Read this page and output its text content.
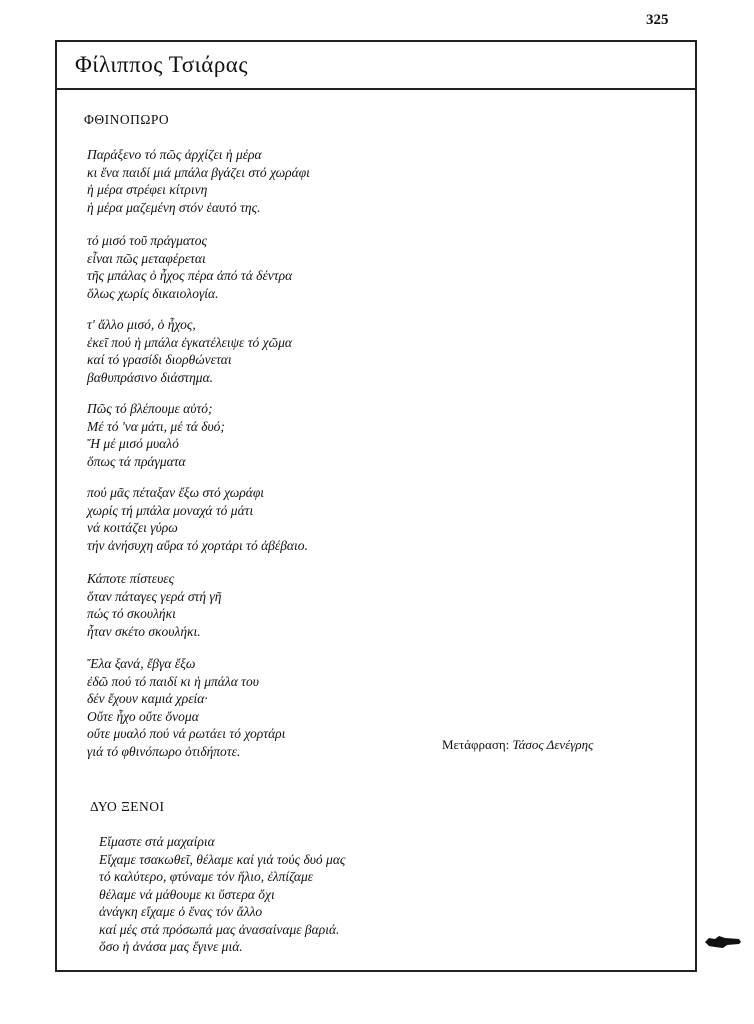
325
Φίλιππος Τσιάρας
ΦΘΙΝΟΠΩΡΟ
Παράξενο τό πῶς ἀρχίζει ἡ μέρα
κι ἕνα παιδί μιά μπάλα βγάζει στό χωράφι
ἡ μέρα στρέφει κίτρινη
ἡ μέρα μαζεμένη στόν ἑαυτό της.
τό μισό τοῦ πράγματος
εἶναι πῶς μεταφέρεται
τῆς μπάλας ὁ ἦχος πέρα ἀπό τά δέντρα
ὅλως χωρίς δικαιολογία.
τ' ἄλλο μισό, ὁ ἦχος,
ἐκεῖ πού ἡ μπάλα ἐγκατέλειψε τό χῶμα
καί τό γρασίδι διορθώνεται
βαθυπράσινο διάστημα.
Πῶς τό βλέπουμε αὐτό;
Μέ τό 'να μάτι, μέ τά δυό;
Ἤ μέ μισό μυαλό
ὅπως τά πράγματα
πού μᾶς πέταξαν ἔξω στό χωράφι
χωρίς τή μπάλα μοναχά τό μάτι
νά κοιτάζει γύρω
τήν ἀνήσυχη αὔρα τό χορτάρι τό ἀβέβαιο.
Κάποτε πίστευες
ὅταν πάταγες γερά στή γῆ
πώς τό σκουλήκι
ἦταν σκέτο σκουλήκι.
Ἔλα ξανά, ἔβγα ἔξω
ἐδῶ πού τό παιδί κι ἡ μπάλα του
δέν ἔχουν καμιά χρεία·
Οὔτε ἦχο οὔτε ὄνομα
οὔτε μυαλό πού νά ρωτάει τό χορτάρι
γιά τό φθινόπωρο ὁτιδήποτε.	Μετάφραση: Τάσος Δενέγρης
ΔΥΟ ΞΕΝΟΙ
Εἴμαστε στά μαχαίρια
Εἴχαμε τσακωθεῖ, θέλαμε καί γιά τούς δυό μας
τό καλύτερο, φτύναμε τόν ἥλιο, ἐλπίζαμε
θέλαμε νά μάθουμε κι ὕστερα ὄχι
ἀνάγκη εἴχαμε ὁ ἕνας τόν ἄλλο
καί μές στά πρόσωπά μας ἀνασαίναμε βαριά.
ὅσο ἡ ἀνάσα μας ἔγινε μιά.
